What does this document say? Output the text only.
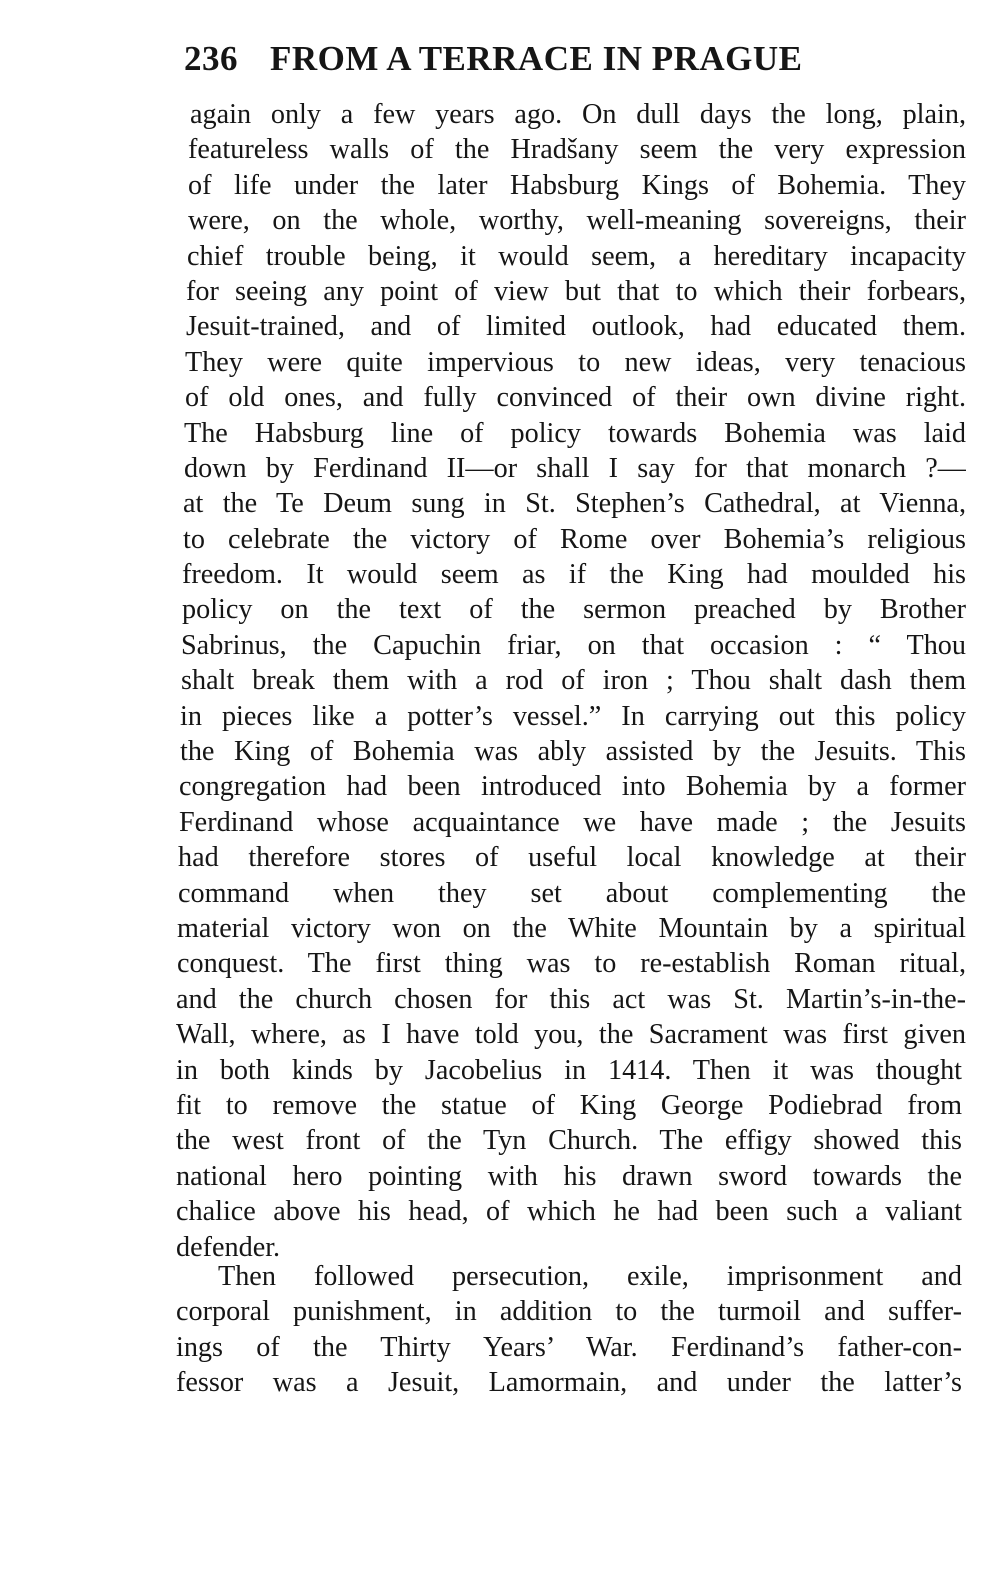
236 FROM A TERRACE IN PRAGUE
again only a few years ago. On dull days the long, plain,
featureless walls of the Hradšany seem the very expression
of life under the later Habsburg Kings of Bohemia. They
were, on the whole, worthy, well-meaning sovereigns, their
chief trouble being, it would seem, a hereditary incapacity
for seeing any point of view but that to which their forbears,
Jesuit-trained, and of limited outlook, had educated them.
They were quite impervious to new ideas, very tenacious
of old ones, and fully convinced of their own divine right.
The Habsburg line of policy towards Bohemia was laid
down by Ferdinand II—or shall I say for that monarch ?—
at the Te Deum sung in St. Stephen’s Cathedral, at Vienna,
to celebrate the victory of Rome over Bohemia’s religious
freedom. It would seem as if the King had moulded his
policy on the text of the sermon preached by Brother
Sabrinus, the Capuchin friar, on that occasion : “ Thou
shalt break them with a rod of iron ; Thou shalt dash them
in pieces like a potter’s vessel.” In carrying out this policy
the King of Bohemia was ably assisted by the Jesuits. This
congregation had been introduced into Bohemia by a former
Ferdinand whose acquaintance we have made ; the Jesuits
had therefore stores of useful local knowledge at their
command when they set about complementing the
material victory won on the White Mountain by a spiritual
conquest. The first thing was to re-establish Roman ritual,
and the church chosen for this act was St. Martin’s-in-the-
Wall, where, as I have told you, the Sacrament was first given
in both kinds by Jacobelius in 1414. Then it was thought
fit to remove the statue of King George Podiebrad from
the west front of the Tyn Church. The effigy showed this
national hero pointing with his drawn sword towards the
chalice above his head, of which he had been such a valiant
defender.
Then followed persecution, exile, imprisonment and
corporal punishment, in addition to the turmoil and suffer-
ings of the Thirty Years’ War. Ferdinand’s father-con-
fessor was a Jesuit, Lamormain, and under the latter’s
